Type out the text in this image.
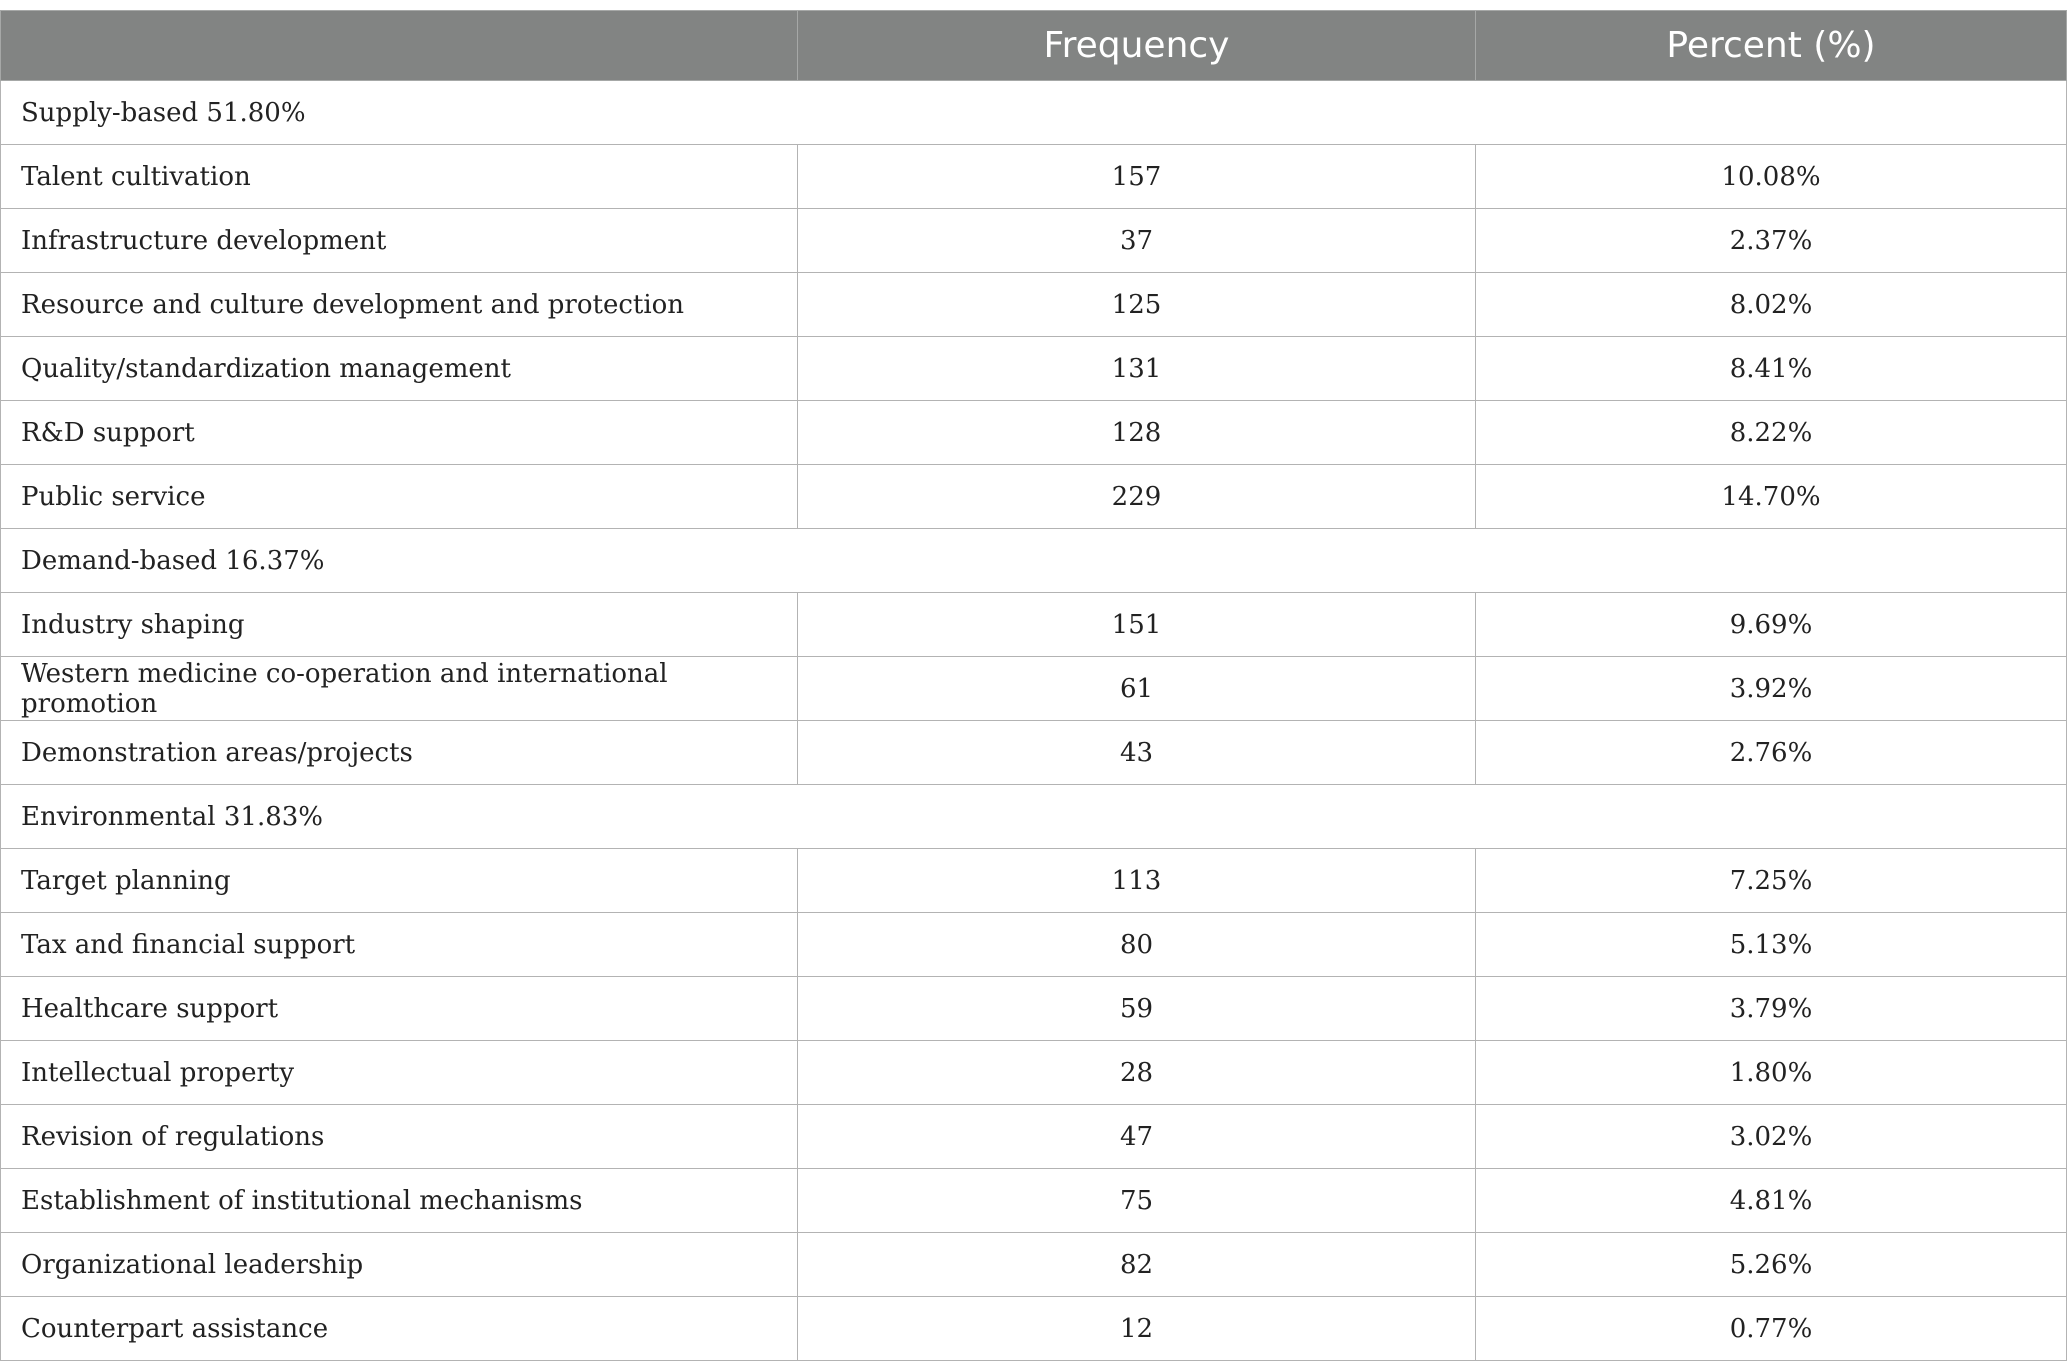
	Frequency	Percent (%)
Supply-based 51.80%		
Talent cultivation	157	10.08%
Infrastructure development	37	2.37%
Resource and culture development and protection	125	8.02%
Quality/standardization management	131	8.41%
R&D support	128	8.22%
Public service	229	14.70%
Demand-based 16.37%		
Industry shaping	151	9.69%
Western medicine co-operation and international promotion	61	3.92%
Demonstration areas/projects	43	2.76%
Environmental 31.83%		
Target planning	113	7.25%
Tax and financial support	80	5.13%
Healthcare support	59	3.79%
Intellectual property	28	1.80%
Revision of regulations	47	3.02%
Establishment of institutional mechanisms	75	4.81%
Organizational leadership	82	5.26%
Counterpart assistance	12	0.77%
